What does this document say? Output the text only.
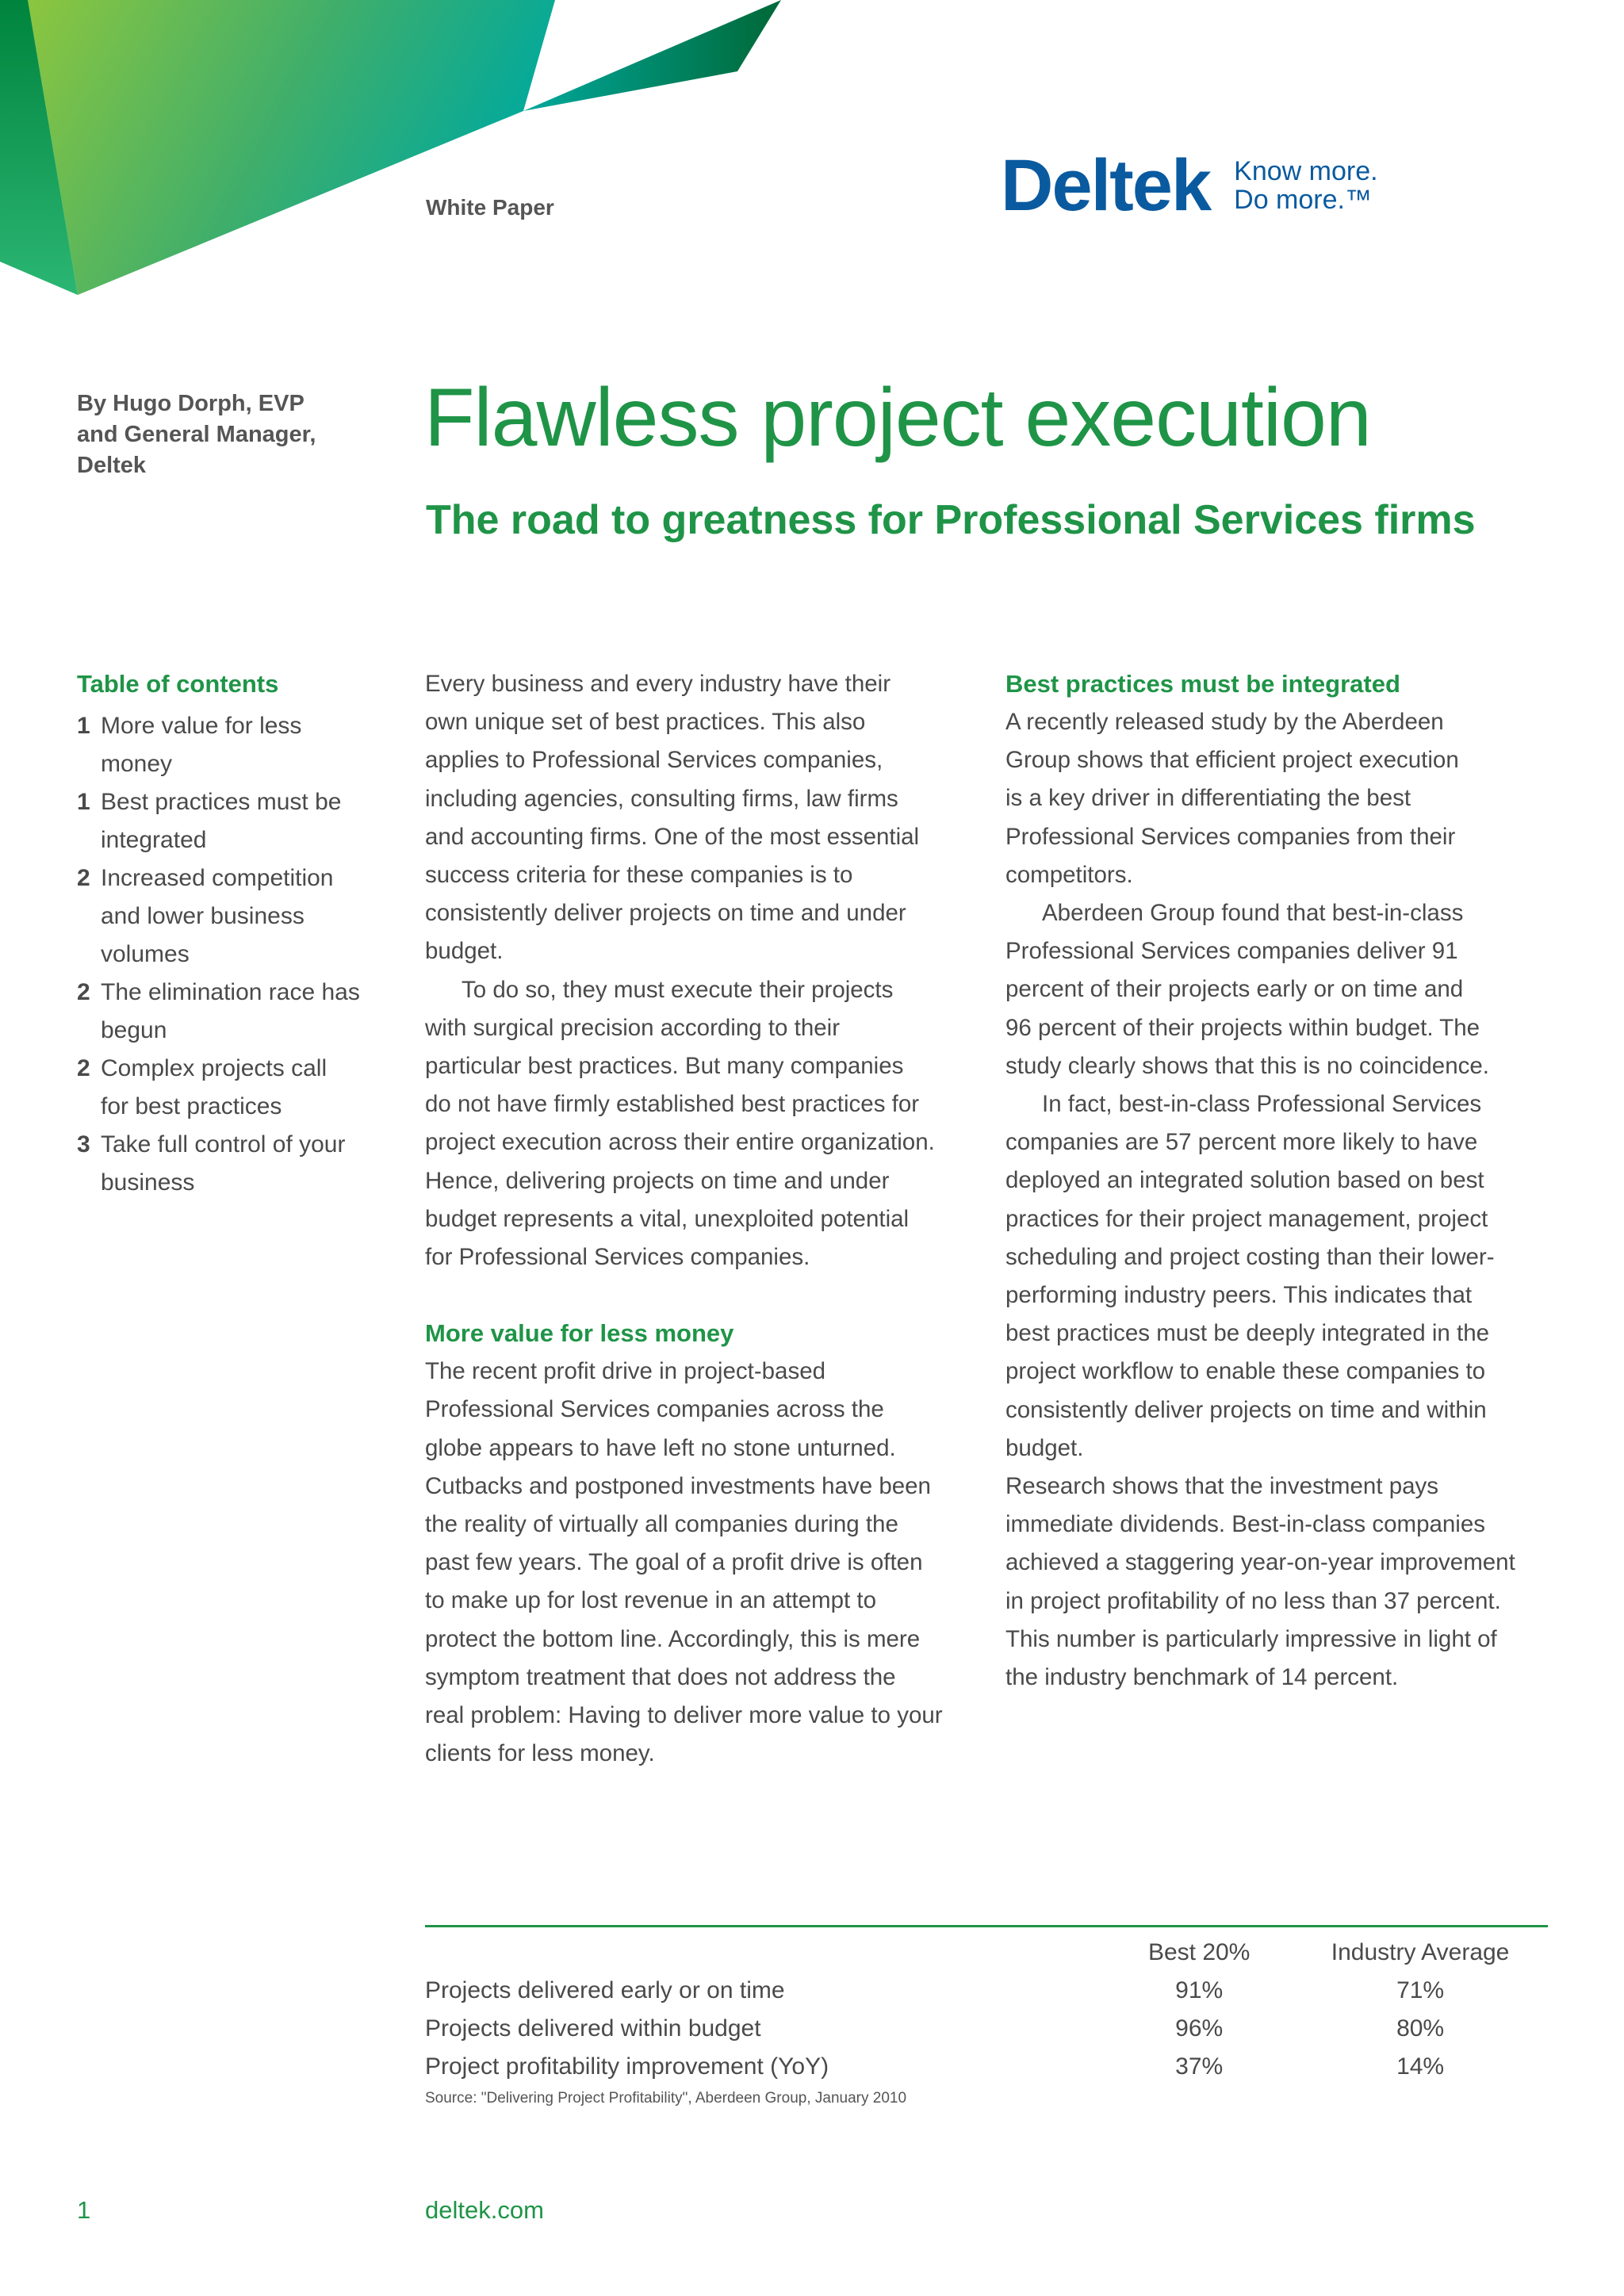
White Paper	Deltek Know more.
Do more.™
By Hugo Dorph, EVP
and General Manager,
Deltek
Flawless project execution
The road to greatness for Professional Services firms
Table of contents
1 More value for less
money
1 Best practices must be
integrated
2 Increased competition
and lower business
volumes
2 The elimination race has
begun
2 Complex projects call
for best practices
3 Take full control of your
business

Every business and every industry have their
own unique set of best practices. This also
applies to Professional Services companies,
including agencies, consulting firms, law firms
and accounting firms. One of the most essential
success criteria for these companies is to
consistently deliver projects on time and under
budget.

To do so, they must execute their projects
with surgical precision according to their
particular best practices. But many companies
do not have firmly established best practices for
project execution across their entire organization.
Hence, delivering projects on time and under
budget represents a vital, unexploited potential
for Professional Services companies.

More value for less money

The recent profit drive in project-based
Professional Services companies across the
globe appears to have left no stone unturned.
Cutbacks and postponed investments have been
the reality of virtually all companies during the
past few years. The goal of a profit drive is often
to make up for lost revenue in an attempt to
protect the bottom line. Accordingly, this is mere
symptom treatment that does not address the
real problem: Having to deliver more value to your
clients for less money.

Best practices must be integrated

A recently released study by the Aberdeen
Group shows that efficient project execution
is a key driver in differentiating the best
Professional Services companies from their
competitors.

Aberdeen Group found that best-in-class
Professional Services companies deliver 91
percent of their projects early or on time and
96 percent of their projects within budget. The
study clearly shows that this is no coincidence.

In fact, best-in-class Professional Services
companies are 57 percent more likely to have
deployed an integrated solution based on best
practices for their project management, project
scheduling and project costing than their lower-
performing industry peers. This indicates that
best practices must be deeply integrated in the
project workflow to enable these companies to
consistently deliver projects on time and within
budget.

Research shows that the investment pays
immediate dividends. Best-in-class companies
achieved a staggering year-on-year improvement
in project profitability of no less than 37 percent.
This number is particularly impressive in light of
the industry benchmark of 14 percent.

	Best 20%	Industry Average
Projects delivered early or on time	91%	71%
Projects delivered within budget	96%	80%
Project profitability improvement (YoY)	37%	14%
Source: "Delivering Project Profitability", Aberdeen Group, January 2010
1	deltek.com
